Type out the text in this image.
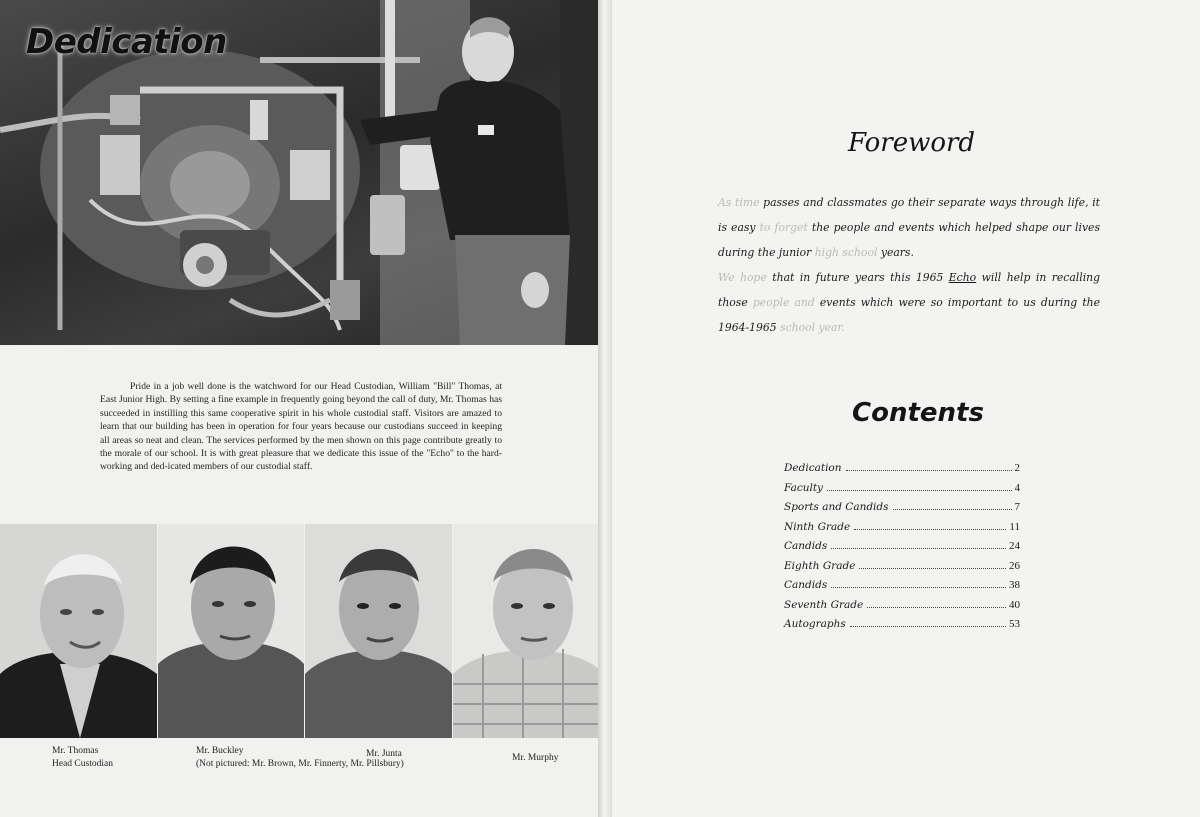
Dedication

Pride in a job well done is the watchword for our Head Custodian, William "Bill" Thomas, at East Junior High. By setting a fine example in frequently going beyond the call of duty, Mr. Thomas has succeeded in instilling this same cooperative spirit in his whole custodial staff. Visitors are amazed to learn that our building has been in operation for four years because our custodians succeed in keeping all areas so neat and clean. The services performed by the men shown on this page contribute greatly to the morale of our school. It is with great pleasure that we dedicate this issue of the "Echo" to the hard-working and ded-icated members of our custodial staff.

Mr. Thomas
Head Custodian
Mr. Buckley
(Not pictured: Mr. Brown, Mr. Finnerty, Mr. Pillsbury)
Mr. Junta	Mr. Murphy
Foreword

As time passes and classmates go their separate ways through life, it is easy to forget the people and events which helped shape our lives during the junior high school years.

We hope that in future years this 1965 Echo will help in recalling those people and events which were so important to us during the 1964-1965 school year.

Contents
Dedication	2
Faculty	4
Sports and Candids	7
Ninth Grade	11
Candids	24
Eighth Grade	26
Candids	38
Seventh Grade	40
Autographs	53
